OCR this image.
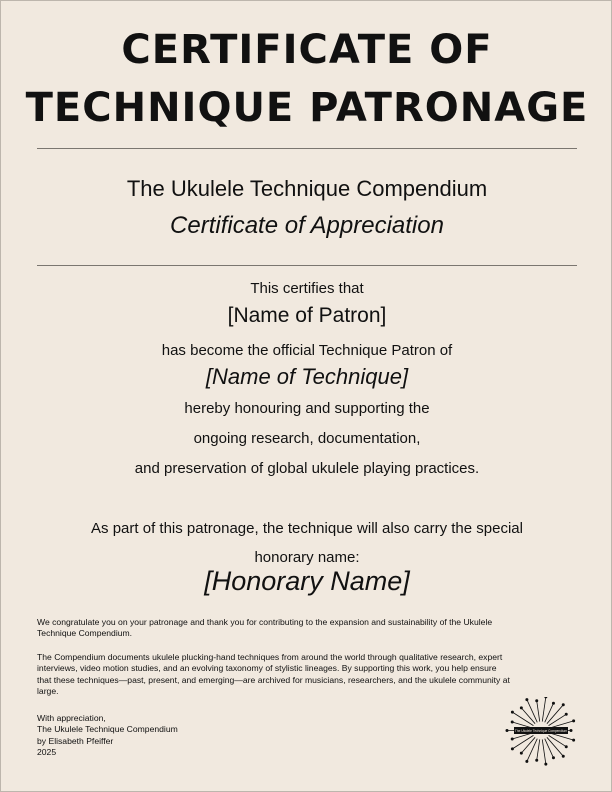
CERTIFICATE OF
TECHNIQUE PATRONAGE
The Ukulele Technique Compendium
Certificate of Appreciation
This certifies that
[Name of Patron]
has become the official Technique Patron of
[Name of Technique]
hereby honouring and supporting the
ongoing research, documentation,
and preservation of global ukulele playing practices.
As part of this patronage, the technique will also carry the special
honorary name:
[Honorary Name]
We congratulate you on your patronage and thank you for contributing to the expansion and sustainability of the Ukulele
Technique Compendium.
The Compendium documents ukulele plucking-hand techniques from around the world through qualitative research, expert
interviews, video motion studies, and an evolving taxonomy of stylistic lineages. By supporting this work, you help ensure
that these techniques—past, present, and emerging—are archived for musicians, researchers, and the ukulele community at
large.
With appreciation,
The Ukulele Technique Compendium
by Elisabeth Pfeiffer
2025
The Ukulele Technique Compendium
